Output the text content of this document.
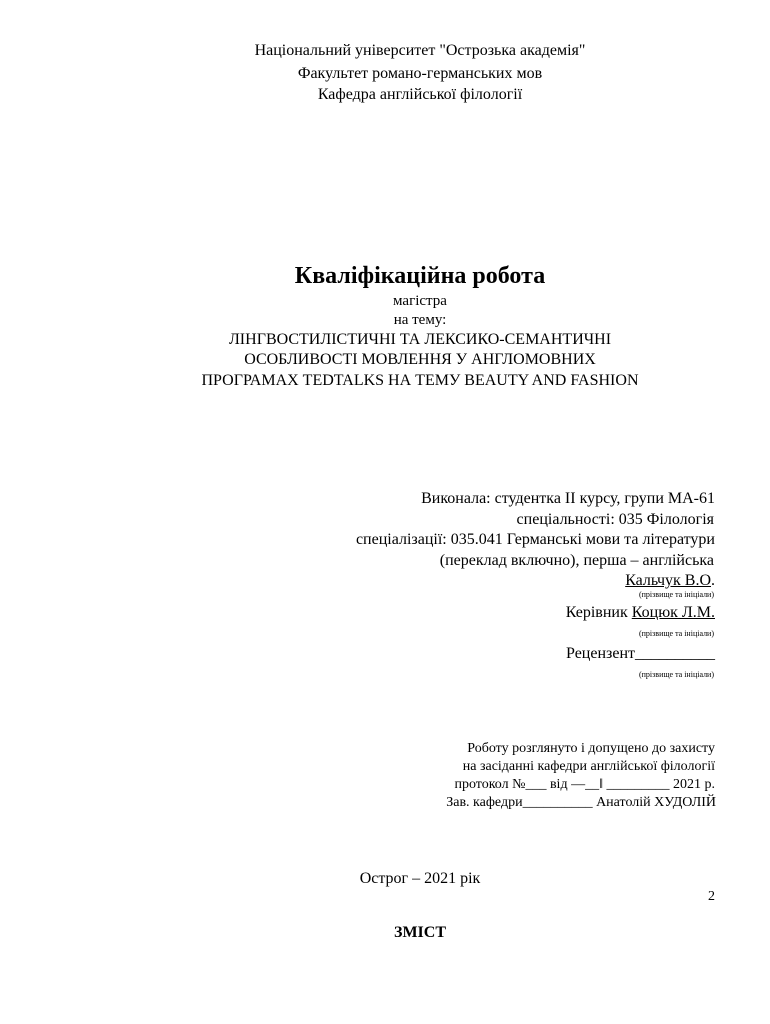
Національний університет "Острозька академія"
Факультет романо-германських мов
Кафедра англійської філології
Кваліфікаційна робота
магістра
на тему:
ЛІНГВОСТИЛІСТИЧНІ ТА ЛЕКСИКО-СЕМАНТИЧНІ
ОСОБЛИВОСТІ МОВЛЕННЯ У АНГЛОМОВНИХ
ПРОГРАМАХ TEDTALKS НА ТЕМУ BEAUTY AND FASHION
Виконала: студентка II курсу, групи МА-61
спеціальності: 035 Філологія
спеціалізації: 035.041 Германські мови та літератури
(переклад включно), перша – англійська
Кальчук В.О.
(прізвище та ініціали)
Керівник Коцюк Л.М.
(прізвище та ініціали)
Рецензент__________
(прізвище та ініціали)
Роботу розглянуто і допущено до захисту
на засіданні кафедри англійської філології
протокол №___ від —__‖ _________ 2021 р.
Зав. кафедри__________ Анатолій ХУДОЛІЙ
Острог – 2021 рік
2
ЗМІСТ
